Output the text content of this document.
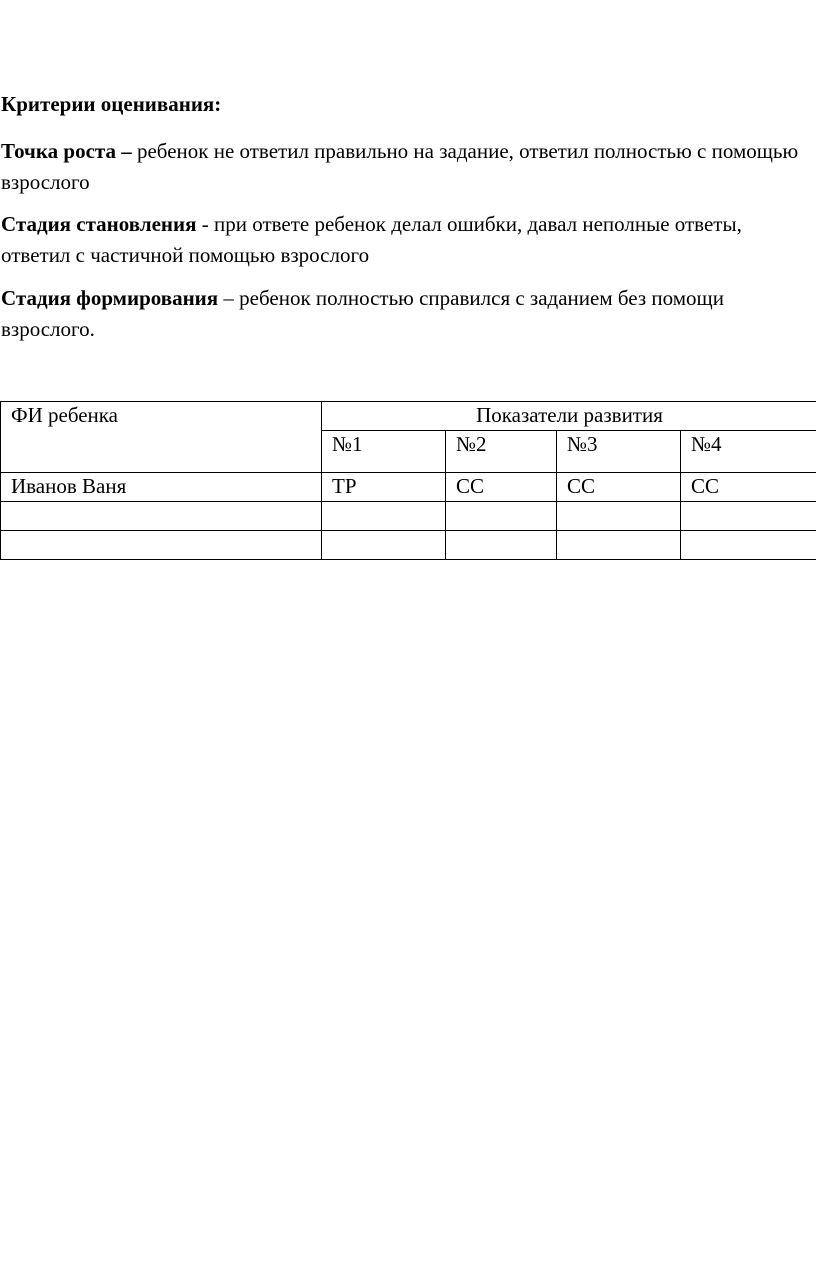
Критерии оценивания:

Точка роста – ребенок не ответил правильно на задание, ответил полностью с помощью взрослого

Стадия становления - при ответе ребенок делал ошибки, давал неполные ответы, ответил с частичной помощью взрослого

Стадия формирования – ребенок полностью справился с заданием без помощи взрослого.

ФИ ребенка	Показатели развития			
	№1	№2	№3	№4
Иванов Ваня	ТР	СС	СС	СС
